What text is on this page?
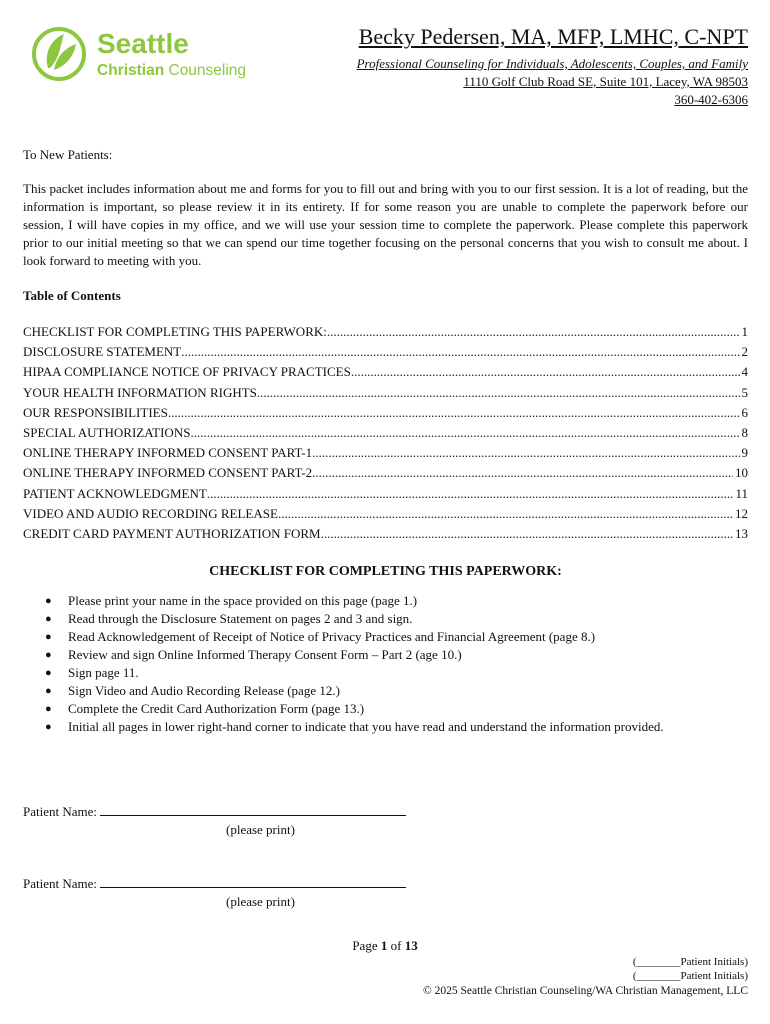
Seattle
Christian Counseling
Becky Pedersen, MA, MFP, LMHC, C-NPT
Professional Counseling for Individuals, Adolescents, Couples, and Family
1110 Golf Club Road SE, Suite 101, Lacey, WA 98503
360-402-6306
To New Patients:
This packet includes information about me and forms for you to fill out and bring with you to our first session. It is a lot of reading, but the information is important, so please review it in its entirety. If for some reason you are unable to complete the paperwork before our session, I will have copies in my office, and we will use your session time to complete the paperwork. Please complete this paperwork prior to our initial meeting so that we can spend our time together focusing on the personal concerns that you wish to consult me about. I look forward to meeting with you.
Table of Contents
CHECKLIST FOR COMPLETING THIS PAPERWORK: .....	1
DISCLOSURE STATEMENT .....	2
HIPAA COMPLIANCE NOTICE OF PRIVACY PRACTICES .....	4
YOUR HEALTH INFORMATION RIGHTS .....	5
OUR RESPONSIBILITIES .....	6
SPECIAL AUTHORIZATIONS .....	8
ONLINE THERAPY INFORMED CONSENT PART-1 .....	9
ONLINE THERAPY INFORMED CONSENT PART-2 .....	10
PATIENT ACKNOWLEDGMENT .....	11
VIDEO AND AUDIO RECORDING RELEASE .....	12
CREDIT CARD PAYMENT AUTHORIZATION FORM .....	13
CHECKLIST FOR COMPLETING THIS PAPERWORK:
● Please print your name in the space provided on this page (page 1.)
● Read through the Disclosure Statement on pages 2 and 3 and sign.
● Read Acknowledgement of Receipt of Notice of Privacy Practices and Financial Agreement (page 8.)
● Review and sign Online Informed Therapy Consent Form – Part 2 (age 10.)
● Sign page 11.
● Sign Video and Audio Recording Release (page 12.)
● Complete the Credit Card Authorization Form (page 13.)
● Initial all pages in lower right-hand corner to indicate that you have read and understand the information provided.
Patient Name:
(please print)
Patient Name:
(please print)
Page 1 of 13
(________Patient Initials)
(________Patient Initials)
© 2025 Seattle Christian Counseling/WA Christian Management, LLC
